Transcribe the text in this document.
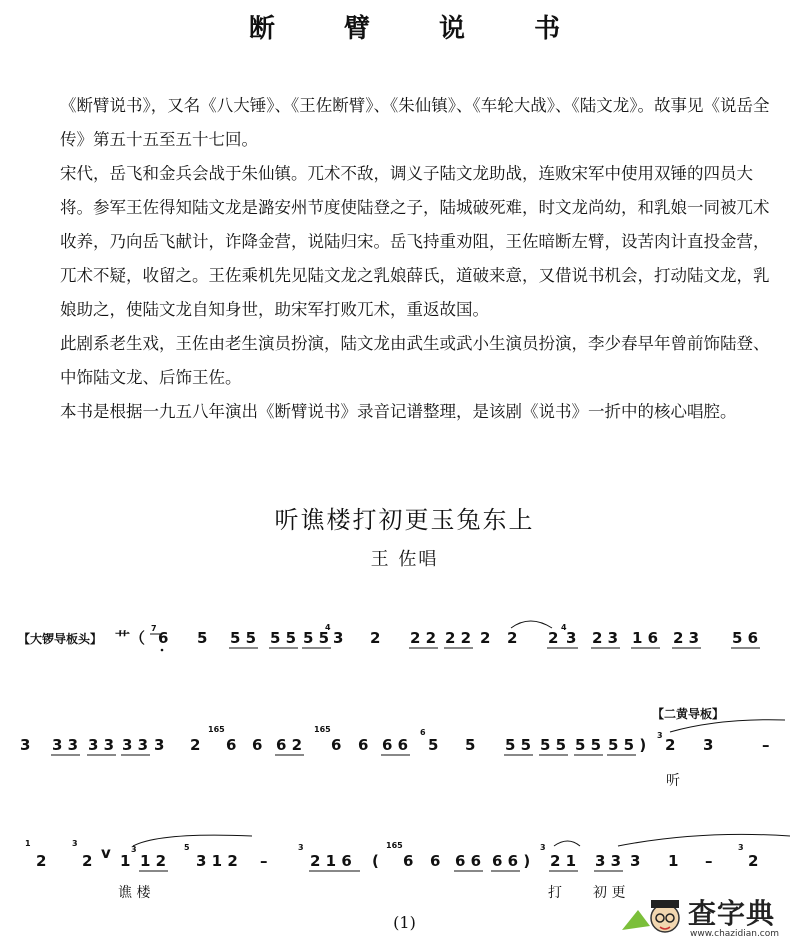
断 臂 说 书
《断臂说书》，又名《八大锤》、《王佐断臂》、《朱仙镇》、《车轮大战》、《陆文龙》。故事见《说岳全传》第五十五至五十七回。
宋代，岳飞和金兵会战于朱仙镇。兀术不敌，调义子陆文龙助战，连败宋军中使用双锤的四员大将。参军王佐得知陆文龙是潞安州节度使陆登之子，陆城破死难，时文龙尚幼，和乳娘一同被兀术收养，乃向岳飞献计，诈降金营，说陆归宋。岳飞持重劝阻，王佐暗断左臂，设苦肉计直投金营，兀术不疑，收留之。王佐乘机先见陆文龙之乳娘薛氏，道破来意，又借说书机会，打动陆文龙，乳娘助之，使陆文龙自知身世，助宋军打败兀术，重返故国。
此剧系老生戏，王佐由老生演员扮演，陆文龙由武生或武小生演员扮演，李少春早年曾前饰陆登、中饰陆文龙、后饰王佐。
本书是根据一九五八年演出《断臂说书》录音记谱整理，是该剧《说书》一折中的核心唱腔。
听谯楼打初更玉兔东上
王 佐唱
【大锣导板头】 艹（
7
6 5 5 5 5 5 5 5
4
3 2 2 2 2 2 2 2 2
4
3 2 3 1 6 2 3 5 6
3 3 3 3 3 3 3 3 2
165
6 6 6 2
165
6 6 6 6
6
5 5 5 5 5 5 5 5 5 5 )
【二黄导板】
3
2 3	–
听
1
2
3
2 v 1
3
1 2
5
3 1 2 –
3
2 1 6 (
165
6 6 6 6 6 6 )
3
2 1 3 3 3 1 –
3
2
谯 楼	打 初 更
(1)	查字典
www.chazidian.com
